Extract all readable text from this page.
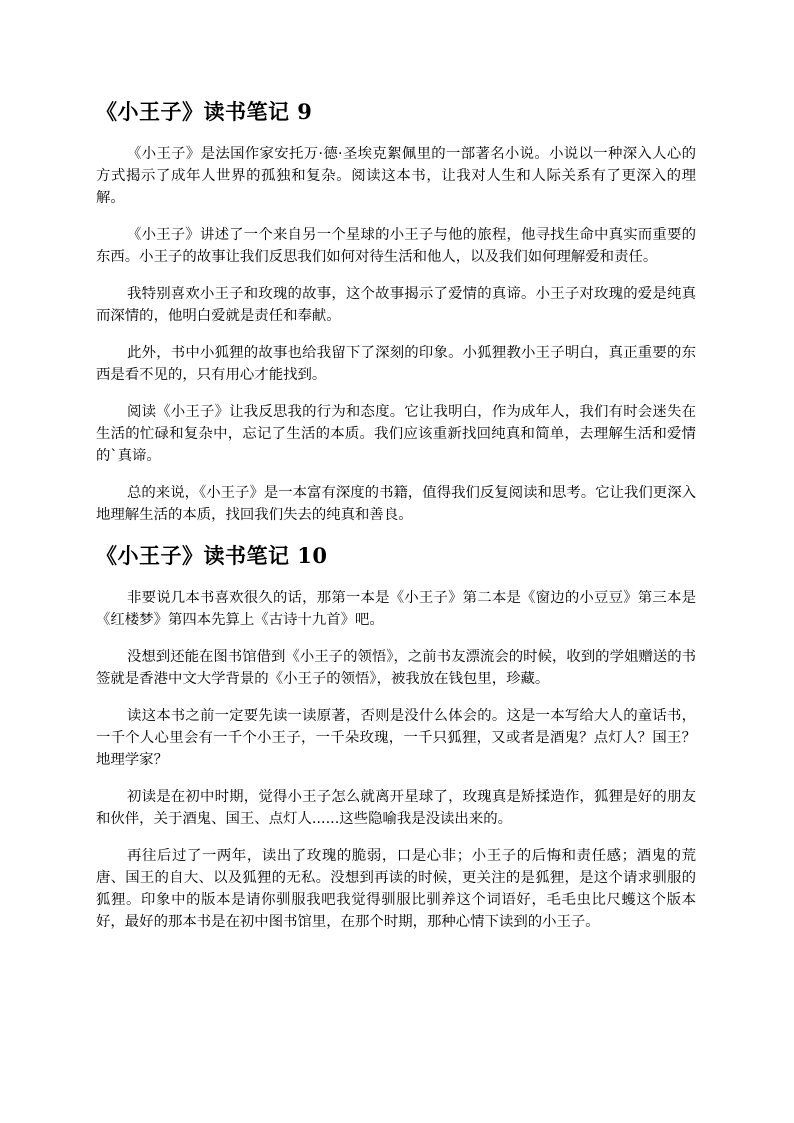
《小王子》读书笔记 9

《小王子》是法国作家安托万·德·圣埃克絮佩里的一部著名小说。小说以一种深入人心的方式揭示了成年人世界的孤独和复杂。阅读这本书，让我对人生和人际关系有了更深入的理解。

《小王子》讲述了一个来自另一个星球的小王子与他的旅程，他寻找生命中真实而重要的东西。小王子的故事让我们反思我们如何对待生活和他人，以及我们如何理解爱和责任。

我特别喜欢小王子和玫瑰的故事，这个故事揭示了爱情的真谛。小王子对玫瑰的爱是纯真而深情的，他明白爱就是责任和奉献。

此外，书中小狐狸的故事也给我留下了深刻的印象。小狐狸教小王子明白，真正重要的东西是看不见的，只有用心才能找到。

阅读《小王子》让我反思我的行为和态度。它让我明白，作为成年人，我们有时会迷失在生活的忙碌和复杂中，忘记了生活的本质。我们应该重新找回纯真和简单，去理解生活和爱情的`真谛。

总的来说，《小王子》是一本富有深度的书籍，值得我们反复阅读和思考。它让我们更深入地理解生活的本质，找回我们失去的纯真和善良。

《小王子》读书笔记 10

非要说几本书喜欢很久的话，那第一本是《小王子》第二本是《窗边的小豆豆》第三本是《红楼梦》第四本先算上《古诗十九首》吧。

没想到还能在图书馆借到《小王子的领悟》，之前书友漂流会的时候，收到的学姐赠送的书签就是香港中文大学背景的《小王子的领悟》，被我放在钱包里，珍藏。

读这本书之前一定要先读一读原著，否则是没什么体会的。这是一本写给大人的童话书，一千个人心里会有一千个小王子，一千朵玫瑰，一千只狐狸，又或者是酒鬼？点灯人？国王？地理学家？

初读是在初中时期，觉得小王子怎么就离开星球了，玫瑰真是矫揉造作，狐狸是好的朋友和伙伴，关于酒鬼、国王、点灯人......这些隐喻我是没读出来的。

再往后过了一两年，读出了玫瑰的脆弱，口是心非；小王子的后悔和责任感；酒鬼的荒唐、国王的自大、以及狐狸的无私。没想到再读的时候，更关注的是狐狸，是这个请求驯服的狐狸。印象中的版本是请你驯服我吧我觉得驯服比驯养这个词语好，毛毛虫比尺蠖这个版本好，最好的那本书是在初中图书馆里，在那个时期，那种心情下读到的小王子。
